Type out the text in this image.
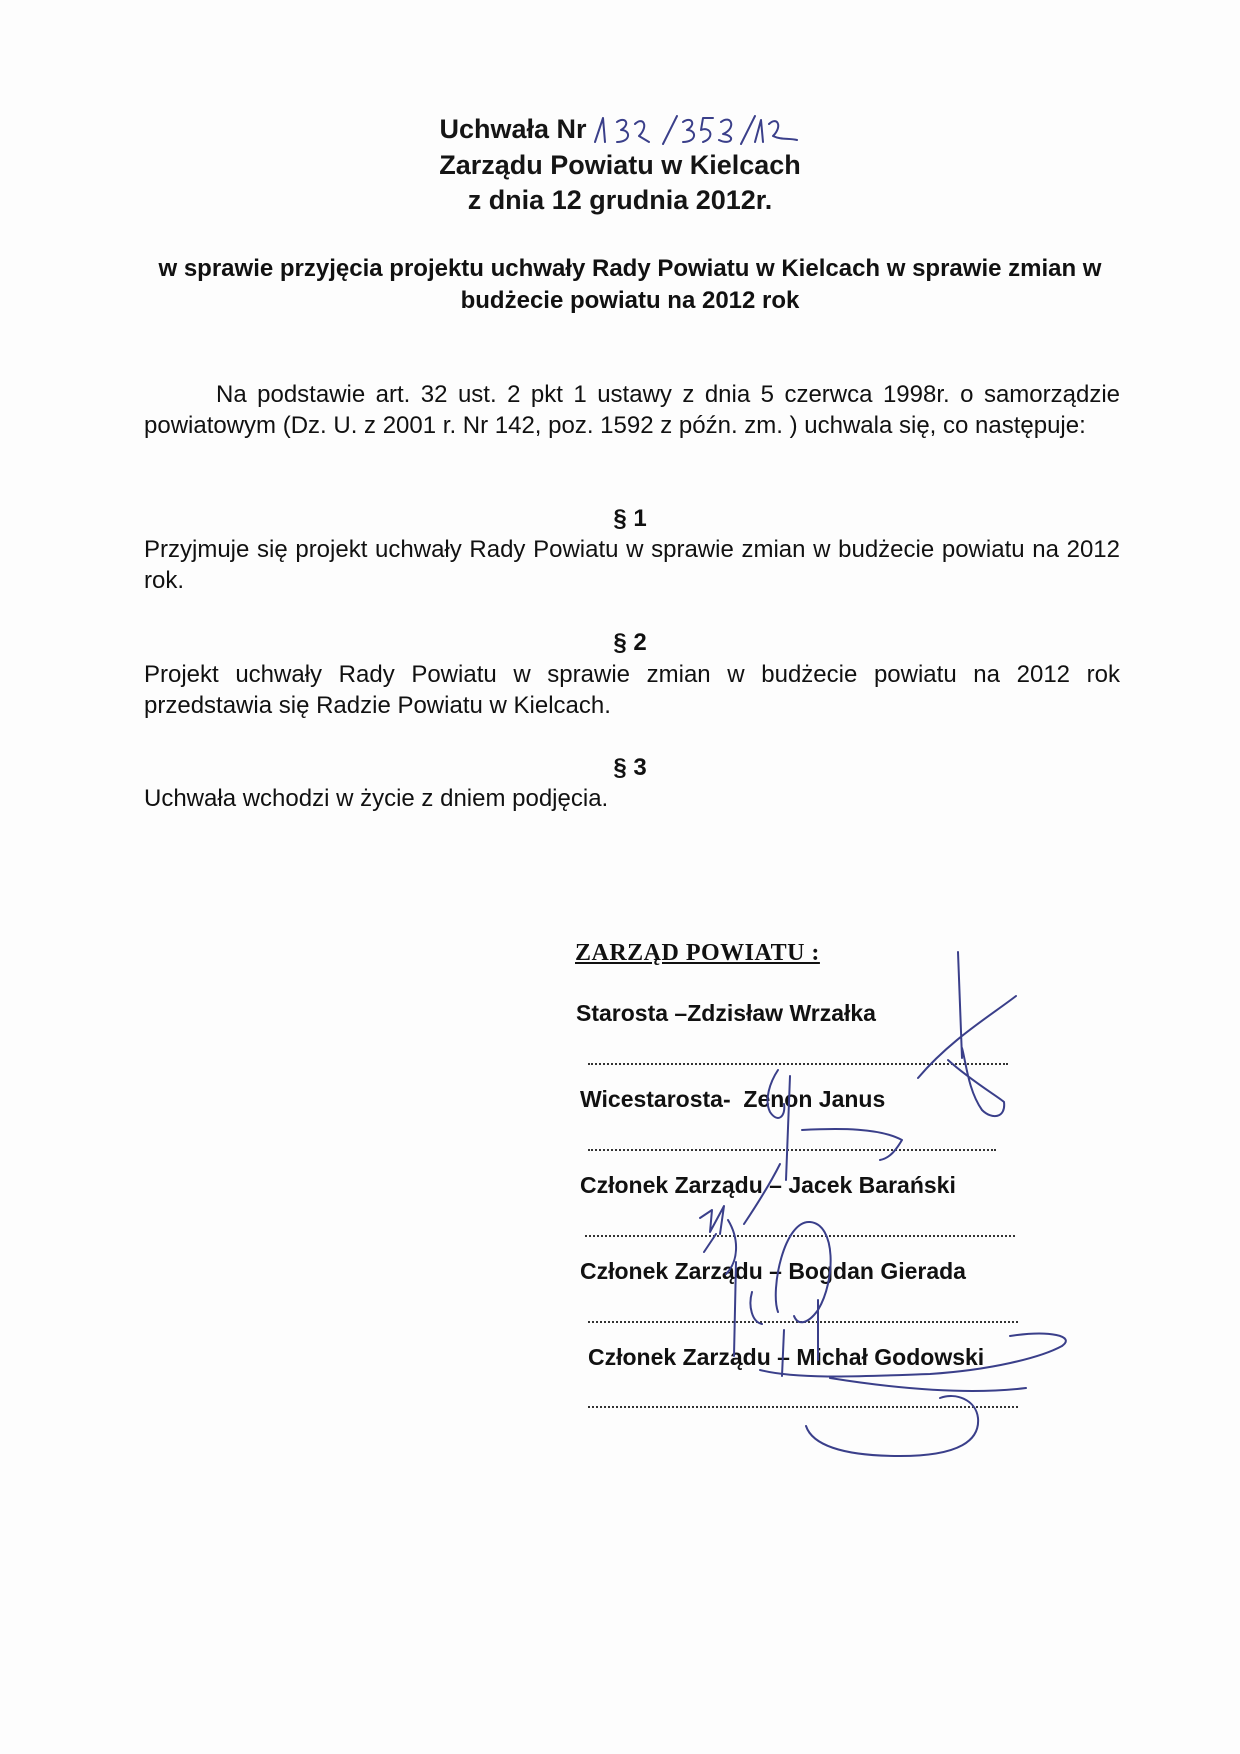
Uchwała Nr
Zarządu Powiatu w Kielcach
z dnia 12 grudnia 2012r.
w sprawie przyjęcia projektu uchwały Rady Powiatu w Kielcach w sprawie zmian w budżecie powiatu na 2012 rok
Na podstawie art. 32 ust. 2 pkt 1 ustawy z dnia 5 czerwca 1998r. o samorządzie powiatowym (Dz. U. z 2001 r. Nr 142, poz. 1592 z późn. zm. ) uchwala się, co następuje:
§ 1
Przyjmuje się projekt uchwały Rady Powiatu w sprawie zmian w budżecie powiatu na 2012 rok.
§ 2
Projekt uchwały Rady Powiatu w sprawie zmian w budżecie powiatu na 2012 rok przedstawia się Radzie Powiatu w Kielcach.
§ 3
Uchwała wchodzi w życie z dniem podjęcia.
ZARZĄD POWIATU :
Starosta –Zdzisław Wrzałka
Wicestarosta-  Zenon Janus
Członek Zarządu – Jacek Barański
Członek Zarządu – Bogdan Gierada
Członek Zarządu – Michał Godowski
